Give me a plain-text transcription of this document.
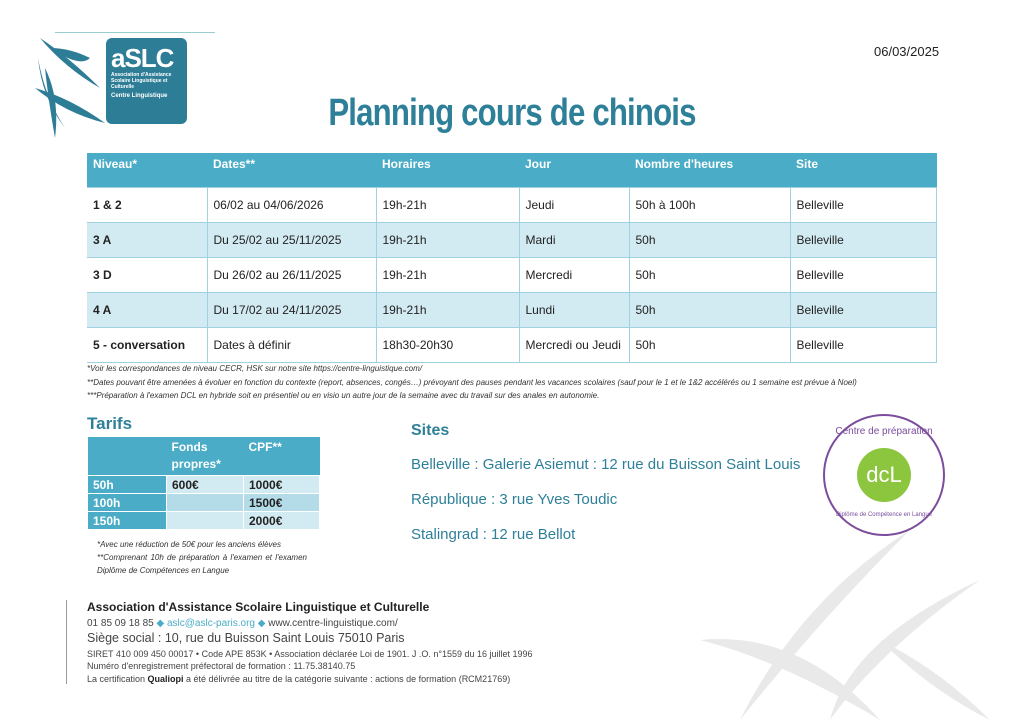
aSLC
Association d'Assistance Scolaire Linguistique et Culturelle
Centre Linguistique
06/03/2025
Planning cours de chinois
Niveau*	Dates**	Horaires	Jour	Nombre d'heures	Site
1 & 2	06/02 au 04/06/2026	19h-21h	Jeudi	50h à 100h	Belleville
3 A	Du 25/02 au 25/11/2025	19h-21h	Mardi	50h	Belleville
3 D	Du 26/02 au 26/11/2025	19h-21h	Mercredi	50h	Belleville
4 A	Du 17/02 au 24/11/2025	19h-21h	Lundi	50h	Belleville
5 - conversation	Dates à définir	18h30-20h30	Mercredi ou Jeudi	50h	Belleville
*Voir les correspondances de niveau CECR, HSK sur notre site https://centre-linguistique.com/
**Dates pouvant être amenées à évoluer en fonction du contexte (report, absences, congés…) prévoyant des pauses pendant les vacances scolaires (sauf pour le 1 et le 1&2 accélérés ou 1 semaine est prévue à Noel)
***Préparation à l'examen DCL en hybride soit en présentiel ou en visio un autre jour de la semaine avec du travail sur des anales en autonomie.
Tarifs
	Fonds propres*	CPF**
50h	600€	1000€
100h		1500€
150h		2000€
*Avec une réduction de 50€ pour les anciens élèves
**Comprenant 10h de préparation à l'examen et l'examen Diplôme de Compétences en Langue
Sites
Belleville : Galerie Asiemut : 12 rue du Buisson Saint Louis
République : 3 rue Yves Toudic
Stalingrad : 12 rue Bellot
Centre de préparation
dcL
Diplôme de Compétence en Langue
Association d'Assistance Scolaire Linguistique et Culturelle
01 85 09 18 85 ◆ aslc@aslc-paris.org ◆ www.centre-linguistique.com/
Siège social : 10, rue du Buisson Saint Louis 75010 Paris
SIRET 410 009 450 00017 • Code APE 853K • Association déclarée Loi de 1901. J .O. n°1559 du 16 juillet 1996
Numéro d'enregistrement préfectoral de formation : 11.75.38140.75
La certification Qualiopi a été délivrée au titre de la catégorie suivante : actions de formation (RCM21769)
